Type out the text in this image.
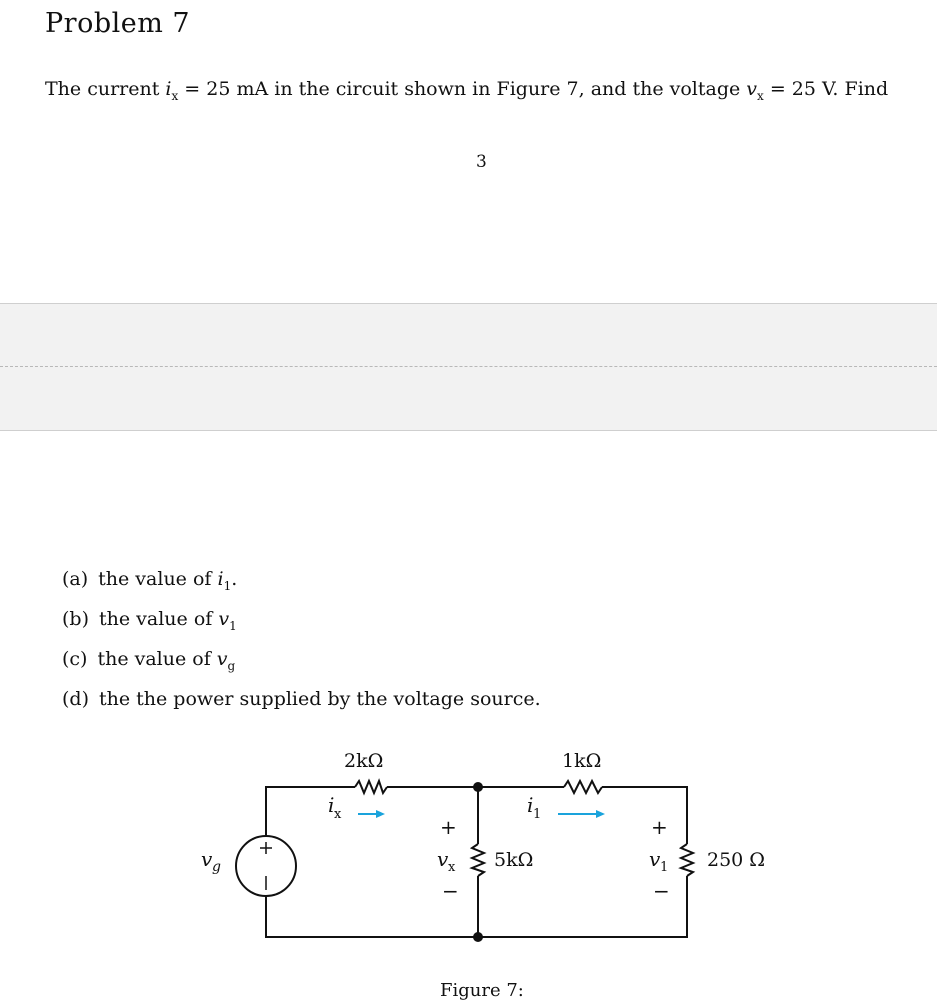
Problem 7
The current $i_x = 25$ mA in the circuit shown in Figure 7, and the voltage $v_x = 25$ V. Find
3
(a) the value of $i_1$.
(b) the value of $v_1$
(c) the value of $v_g$
(d) the the power supplied by the voltage source.
2kΩ	1kΩ
5kΩ	250 Ω
v g
i x	i 1
+
v x
−
+
v 1
−
Figure 7:
